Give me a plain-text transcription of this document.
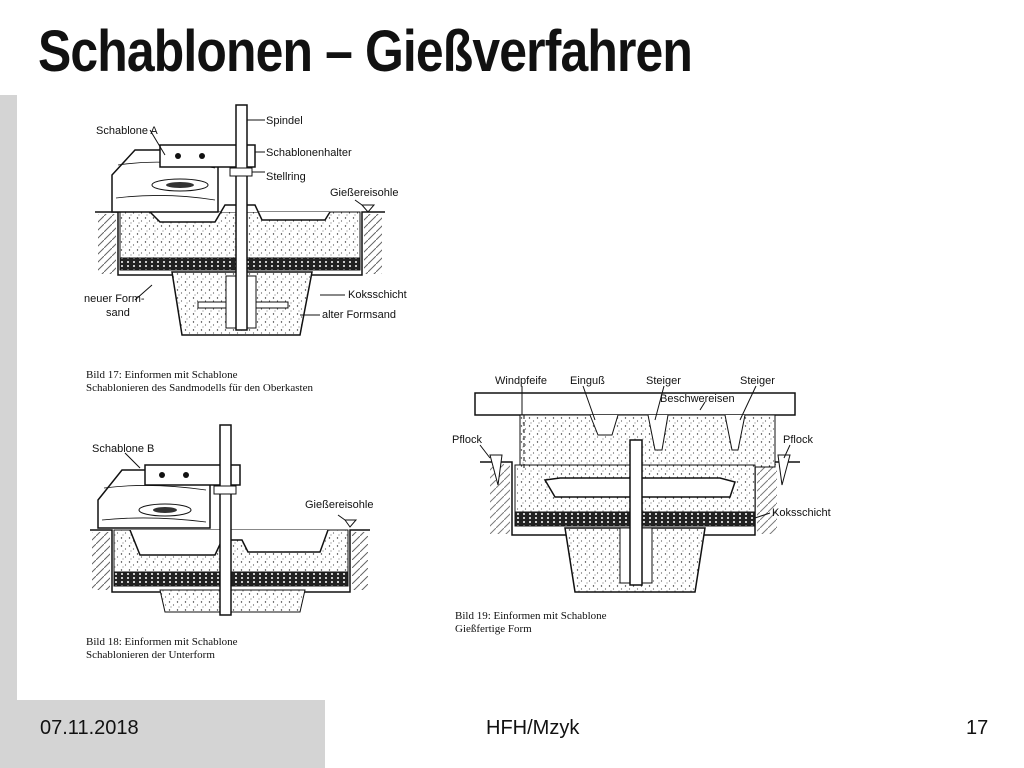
Schablonen – Gießverfahren
Schablone A
Spindel
Schablonenhalter
Stellring
Gießereisohle
neuer Form-
sand
Koksschicht
alter Formsand
Bild 17: Einformen mit Schablone
Schablonieren des Sandmodells für den Oberkasten
Schablone B
Gießereisohle
Bild 18: Einformen mit Schablone
Schablonieren der Unterform
Windpfeife Einguß	Steiger	Steiger
Beschwereisen
Pflock	Pflock
Koksschicht
Bild 19: Einformen mit Schablone
Gießfertige Form
07.11.2018	HFH/Mzyk	17
